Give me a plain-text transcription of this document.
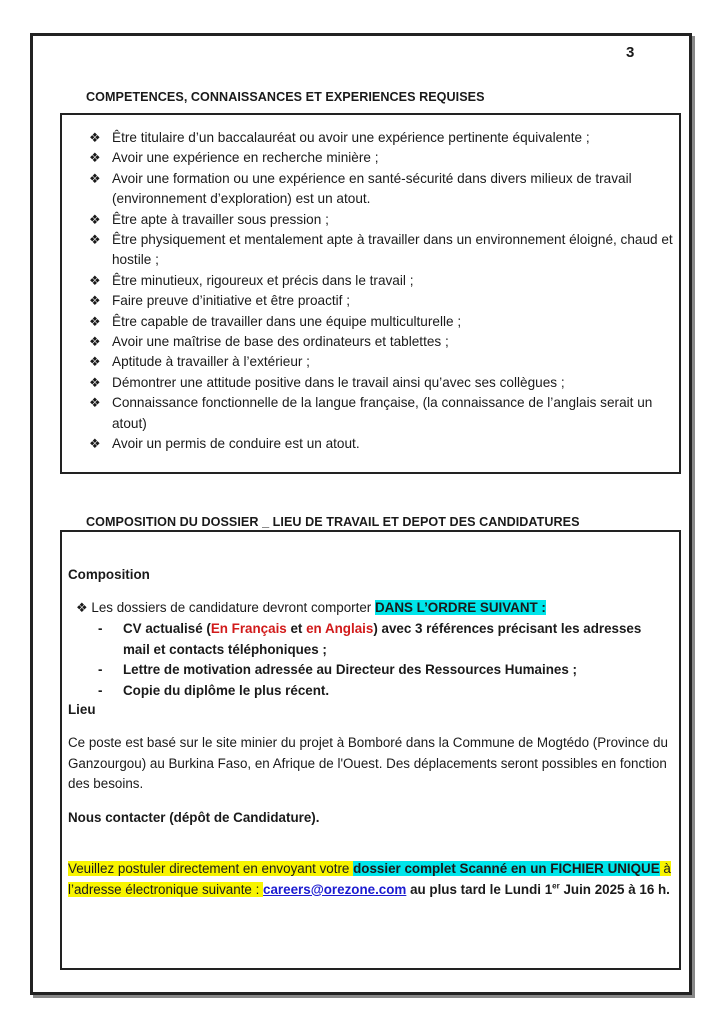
3
COMPETENCES, CONNAISSANCES ET EXPERIENCES REQUISES
❖ Être titulaire d’un baccalauréat ou avoir une expérience pertinente équivalente ;
❖ Avoir une expérience en recherche minière ;
❖ Avoir une formation ou une expérience en santé-sécurité dans divers milieux de travail (environnement d’exploration) est un atout.
❖ Être apte à travailler sous pression ;
❖ Être physiquement et mentalement apte à travailler dans un environnement éloigné, chaud et hostile ;
❖ Être minutieux, rigoureux et précis dans le travail ;
❖ Faire preuve d’initiative et être proactif ;
❖ Être capable de travailler dans une équipe multiculturelle ;
❖ Avoir une maîtrise de base des ordinateurs et tablettes ;
❖ Aptitude à travailler à l’extérieur ;
❖ Démontrer une attitude positive dans le travail ainsi qu’avec ses collègues ;
❖ Connaissance fonctionnelle de la langue française, (la connaissance de l’anglais serait un atout)
❖ Avoir un permis de conduire est un atout.
COMPOSITION DU DOSSIER _ LIEU DE TRAVAIL ET DEPOT DES CANDIDATURES
Composition
❖ Les dossiers de candidature devront comporter DANS L’ORDRE SUIVANT :
-	CV actualisé (En Français et en Anglais) avec 3 références précisant les adresses mail et contacts téléphoniques ;
-	Lettre de motivation adressée au Directeur des Ressources Humaines ;
-	Copie du diplôme le plus récent.
Lieu
Ce poste est basé sur le site minier du projet à Bomboré dans la Commune de Mogtédo (Province du Ganzourgou) au Burkina Faso, en Afrique de l'Ouest. Des déplacements seront possibles en fonction des besoins.
Nous contacter (dépôt de Candidature).
Veuillez postuler directement en envoyant votre dossier complet Scanné en un FICHIER UNIQUE à
l’adresse électronique suivante : careers@orezone.com au plus tard le Lundi 1er Juin 2025 à 16 h.
